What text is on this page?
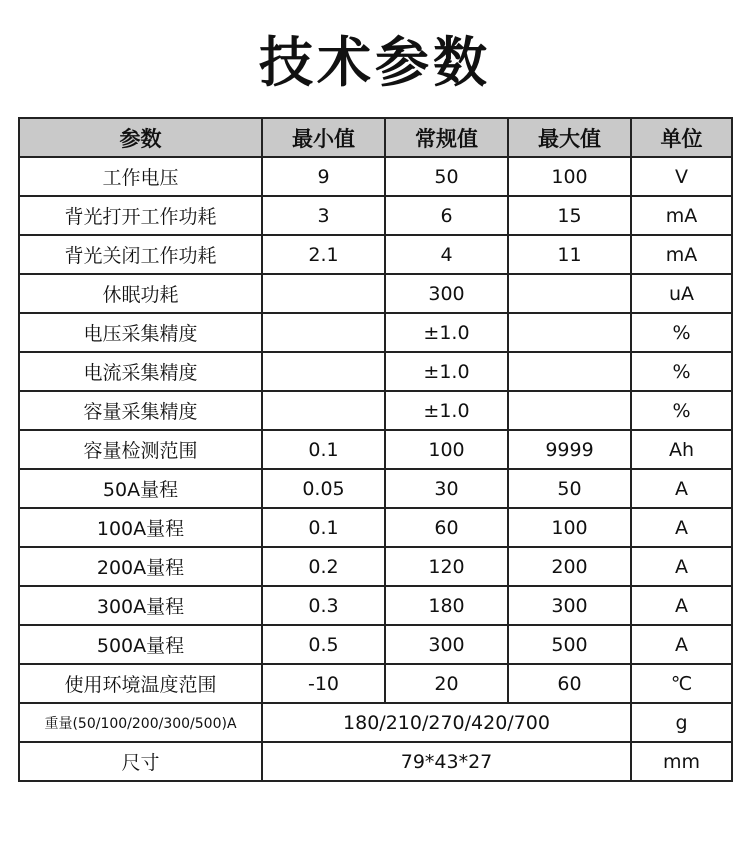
技术参数
参数	最小值	常规值	最大值	单位
工作电压	9	50	100	V
背光打开工作功耗	3	6	15	mA
背光关闭工作功耗	2.1	4	11	mA
休眠功耗		300		uA
电压采集精度		±1.0		%
电流采集精度		±1.0		%
容量采集精度		±1.0		%
容量检测范围	0.1	100	9999	Ah
50A量程	0.05	30	50	A
100A量程	0.1	60	100	A
200A量程	0.2	120	200	A
300A量程	0.3	180	300	A
500A量程	0.5	300	500	A
使用环境温度范围	-10	20	60	℃
重量(50/100/200/300/500)A	180/210/270/420/700			g
尺寸	79*43*27			mm
